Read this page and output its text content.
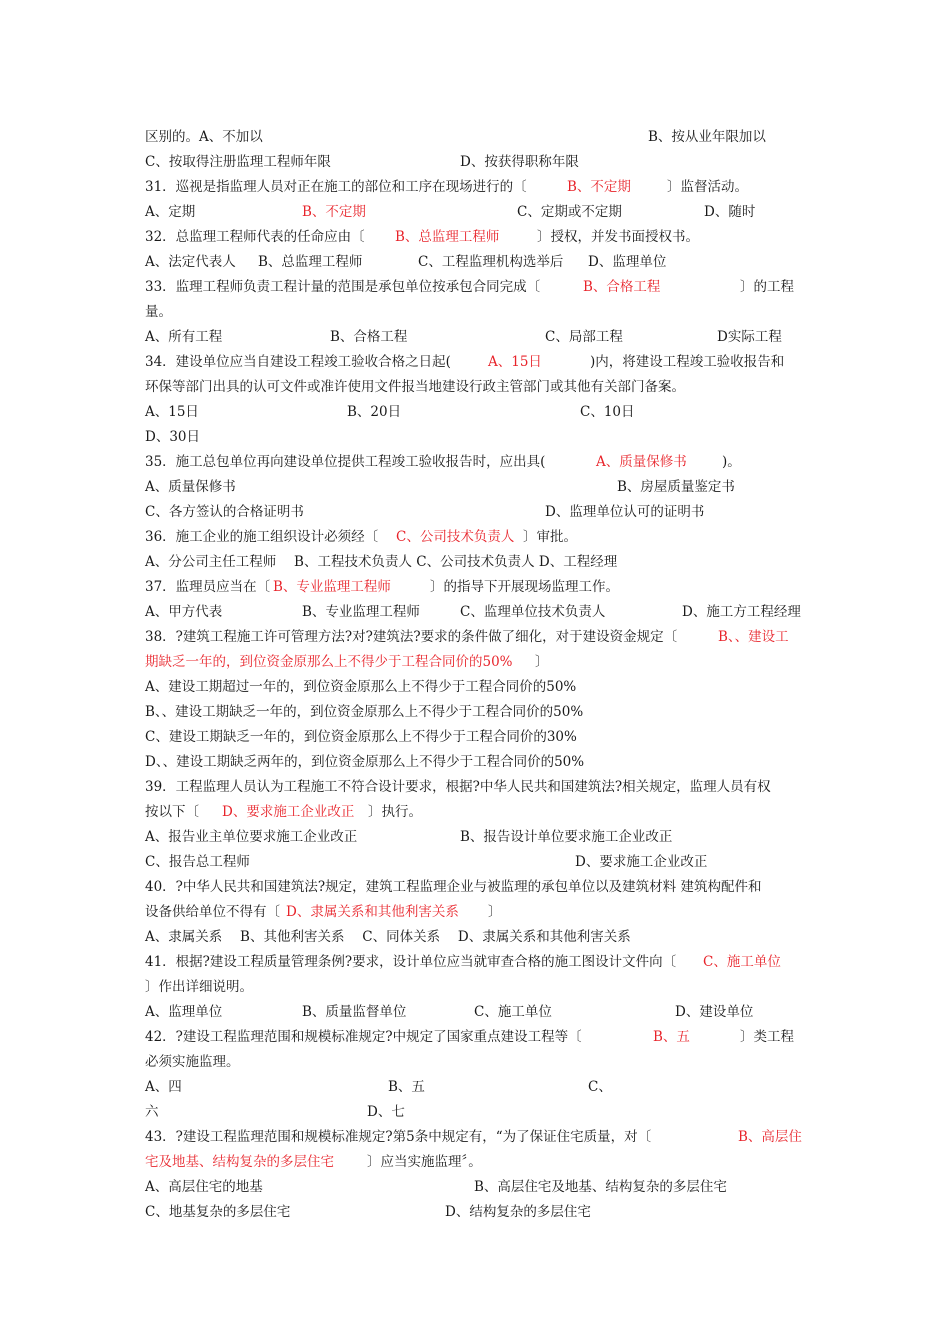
区别的。A、不加以	B、按从业年限加以
C、按取得注册监理工程师年限	D、按获得职称年限
31．巡视是指监理人员对正在施工的部位和工序在现场进行的〔	B、不定期	〕监督活动。
A、定期	B、不定期	C、定期或不定期	D、随时
32．总监理工程师代表的任命应由〔 B、总监理工程师	〕授权，并发书面授权书。
A、法定代表人 B、总监理工程师	C、工程监理机构选举后 D、监理单位
33．监理工程师负责工程计量的范围是承包单位按承包合同完成〔	B、合格工程	〕的工程
量。
A、所有工程	B、合格工程	C、局部工程	D实际工程
34．建设单位应当自建设工程竣工验收合格之日起(	A、15日	)内，将建设工程竣工验收报告和
环保等部门出具的认可文件或准许使用文件报当地建设行政主管部门或其他有关部门备案。
A、15日	B、20日	C、10日
D、30日
35．施工总包单位再向建设单位提供工程竣工验收报告时，应出具(	A、质量保修书	)。
A、质量保修书	B、房屋质量鉴定书
C、各方签认的合格证明书	D、监理单位认可的证明书
36．施工企业的施工组织设计必须经〔 C、公司技术负责人 〕审批。
A、分公司主任工程师　 B、工程技术负责人 C、公司技术负责人 D、工程经理
37．监理员应当在〔 B、专业监理工程师	〕的指导下开展现场监理工作。
A、甲方代表	B、专业监理工程师	C、监理单位技术负责人	D、施工方工程经理
38．?建筑工程施工许可管理方法?对?建筑法?要求的条件做了细化，对于建设资金规定〔	B、、建设工
期缺乏一年的，到位资金原那么上不得少于工程合同价的50% 〕
A、建设工期超过一年的，到位资金原那么上不得少于工程合同价的50%
B、、建设工期缺乏一年的，到位资金原那么上不得少于工程合同价的50%
C、建设工期缺乏一年的，到位资金原那么上不得少于工程合同价的30%
D、、建设工期缺乏两年的，到位资金原那么上不得少于工程合同价的50%
39．工程监理人员认为工程施工不符合设计要求，根据?中华人民共和国建筑法?相关规定，监理人员有权
按以下〔 D、要求施工企业改正 〕执行。
A、报告业主单位要求施工企业改正	B、报告设计单位要求施工企业改正
C、报告总工程师	D、要求施工企业改正
40．?中华人民共和国建筑法?规定，建筑工程监理企业与被监理的承包单位以及建筑材料 建筑构配件和
设备供给单位不得有〔 D、隶属关系和其他利害关系 〕
A、隶属关系　 B、其他利害关系　 C、同体关系　 D、隶属关系和其他利害关系
41．根据?建设工程质量管理条例?要求，设计单位应当就审查合格的施工图设计文件向〔 C、施工单位
〕作出详细说明。
A、监理单位	B、质量监督单位	C、施工单位	D、建设单位
42．?建设工程监理范围和规模标准规定?中规定了国家重点建设工程等〔	B、五	〕类工程
必须实施监理。
A、四	B、五	C、
六	D、七
43．?建设工程监理范围和规模标准规定?第5条中规定有，“为了保证住宅质量，对〔	B、高层住
宅及地基、结构复杂的多层住宅 〕应当实施监理〞。
A、高层住宅的地基	B、高层住宅及地基、结构复杂的多层住宅
C、地基复杂的多层住宅	D、结构复杂的多层住宅
